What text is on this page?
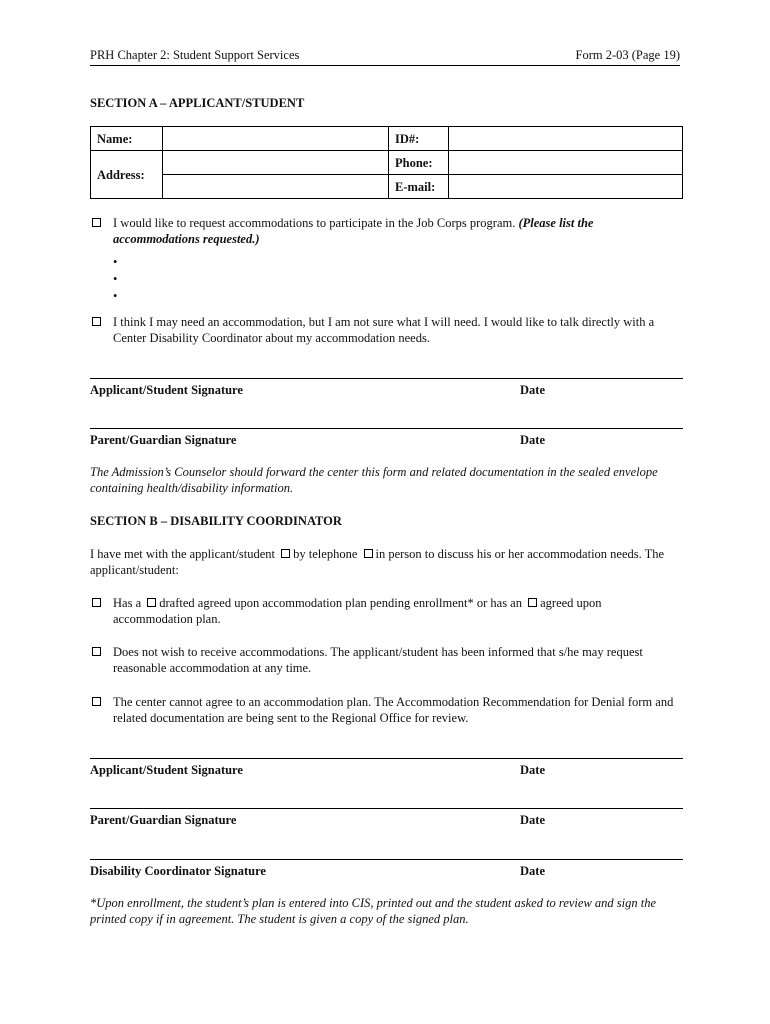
PRH Chapter 2: Student Support Services	Form 2-03 (Page 19)
SECTION A – APPLICANT/STUDENT
Name:		ID#:	
Address:		Phone:	
		E-mail:	
I would like to request accommodations to participate in the Job Corps program. (Please list the accommodations requested.)
I think I may need an accommodation, but I am not sure what I will need. I would like to talk directly with a Center Disability Coordinator about my accommodation needs.
Applicant/Student Signature	Date
Parent/Guardian Signature	Date
The Admission’s Counselor should forward the center this form and related documentation in the sealed envelope containing health/disability information.
SECTION B – DISABILITY COORDINATOR
I have met with the applicant/student by telephone in person to discuss his or her accommodation needs. The applicant/student:
Has a drafted agreed upon accommodation plan pending enrollment* or has an agreed upon accommodation plan.
Does not wish to receive accommodations. The applicant/student has been informed that s/he may request reasonable accommodation at any time.
The center cannot agree to an accommodation plan. The Accommodation Recommendation for Denial form and related documentation are being sent to the Regional Office for review.
Applicant/Student Signature	Date
Parent/Guardian Signature	Date
Disability Coordinator Signature	Date
*Upon enrollment, the student’s plan is entered into CIS, printed out and the student asked to review and sign the printed copy if in agreement. The student is given a copy of the signed plan.
